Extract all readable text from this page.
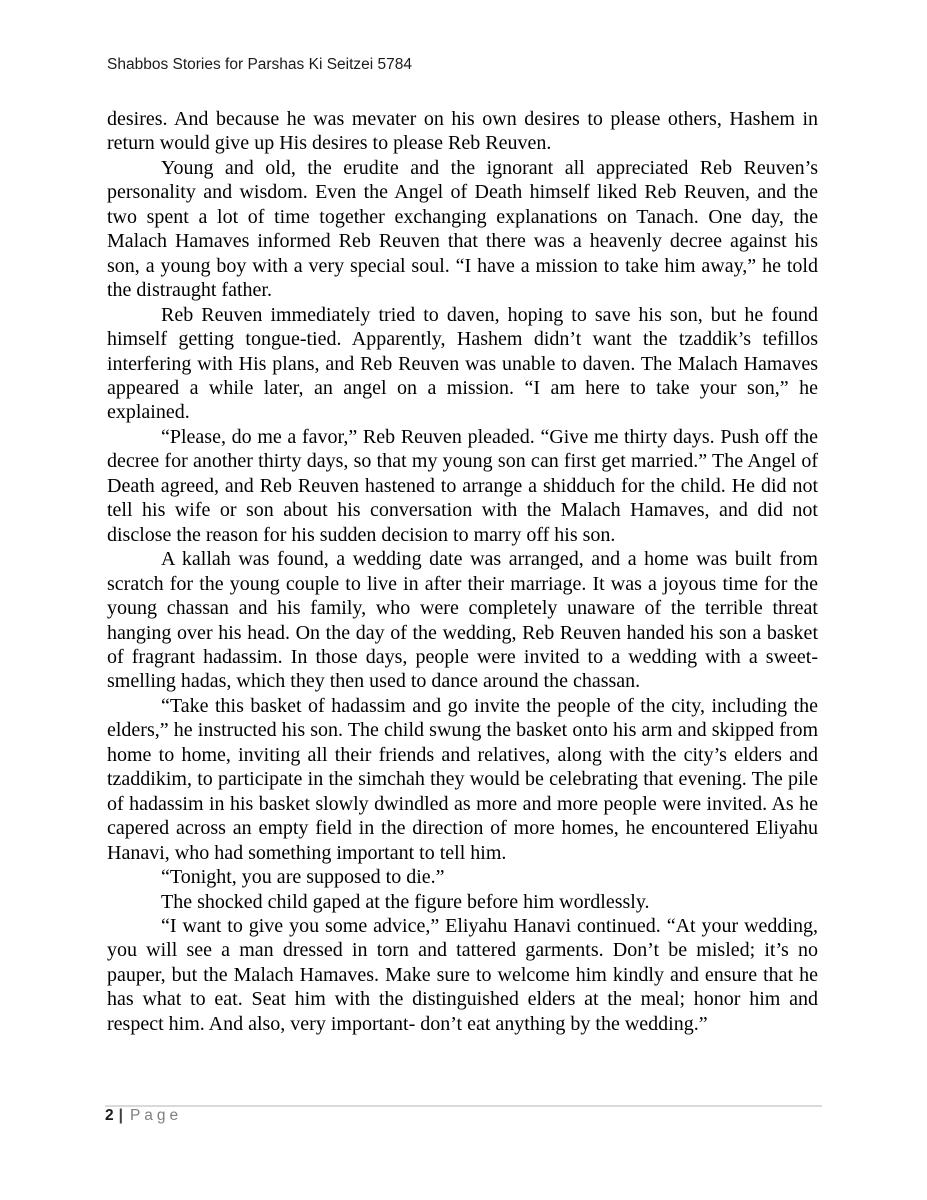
Shabbos Stories for Parshas Ki Seitzei 5784

desires. And because he was mevater on his own desires to please others, Hashem in return would give up His desires to please Reb Reuven.

Young and old, the erudite and the ignorant all appreciated Reb Reuven’s personality and wisdom. Even the Angel of Death himself liked Reb Reuven, and the two spent a lot of time together exchanging explanations on Tanach. One day, the Malach Hamaves informed Reb Reuven that there was a heavenly decree against his son, a young boy with a very special soul. “I have a mission to take him away,” he told the distraught father.

Reb Reuven immediately tried to daven, hoping to save his son, but he found himself getting tongue-tied. Apparently, Hashem didn’t want the tzaddik’s tefillos interfering with His plans, and Reb Reuven was unable to daven. The Malach Hamaves appeared a while later, an angel on a mission. “I am here to take your son,” he explained.

“Please, do me a favor,” Reb Reuven pleaded. “Give me thirty days. Push off the decree for another thirty days, so that my young son can first get married.” The Angel of Death agreed, and Reb Reuven hastened to arrange a shidduch for the child. He did not tell his wife or son about his conversation with the Malach Hamaves, and did not disclose the reason for his sudden decision to marry off his son.

A kallah was found, a wedding date was arranged, and a home was built from scratch for the young couple to live in after their marriage. It was a joyous time for the young chassan and his family, who were completely unaware of the terrible threat hanging over his head. On the day of the wedding, Reb Reuven handed his son a basket of fragrant hadassim. In those days, people were invited to a wedding with a sweet-smelling hadas, which they then used to dance around the chassan.

“Take this basket of hadassim and go invite the people of the city, including the elders,” he instructed his son. The child swung the basket onto his arm and skipped from home to home, inviting all their friends and relatives, along with the city’s elders and tzaddikim, to participate in the simchah they would be celebrating that evening. The pile of hadassim in his basket slowly dwindled as more and more people were invited. As he capered across an empty field in the direction of more homes, he encountered Eliyahu Hanavi, who had something important to tell him.

“Tonight, you are supposed to die.”

The shocked child gaped at the figure before him wordlessly.

“I want to give you some advice,” Eliyahu Hanavi continued. “At your wedding, you will see a man dressed in torn and tattered garments. Don’t be misled; it’s no pauper, but the Malach Hamaves. Make sure to welcome him kindly and ensure that he has what to eat. Seat him with the distinguished elders at the meal; honor him and respect him. And also, very important- don’t eat anything by the wedding.”

2 | Page
